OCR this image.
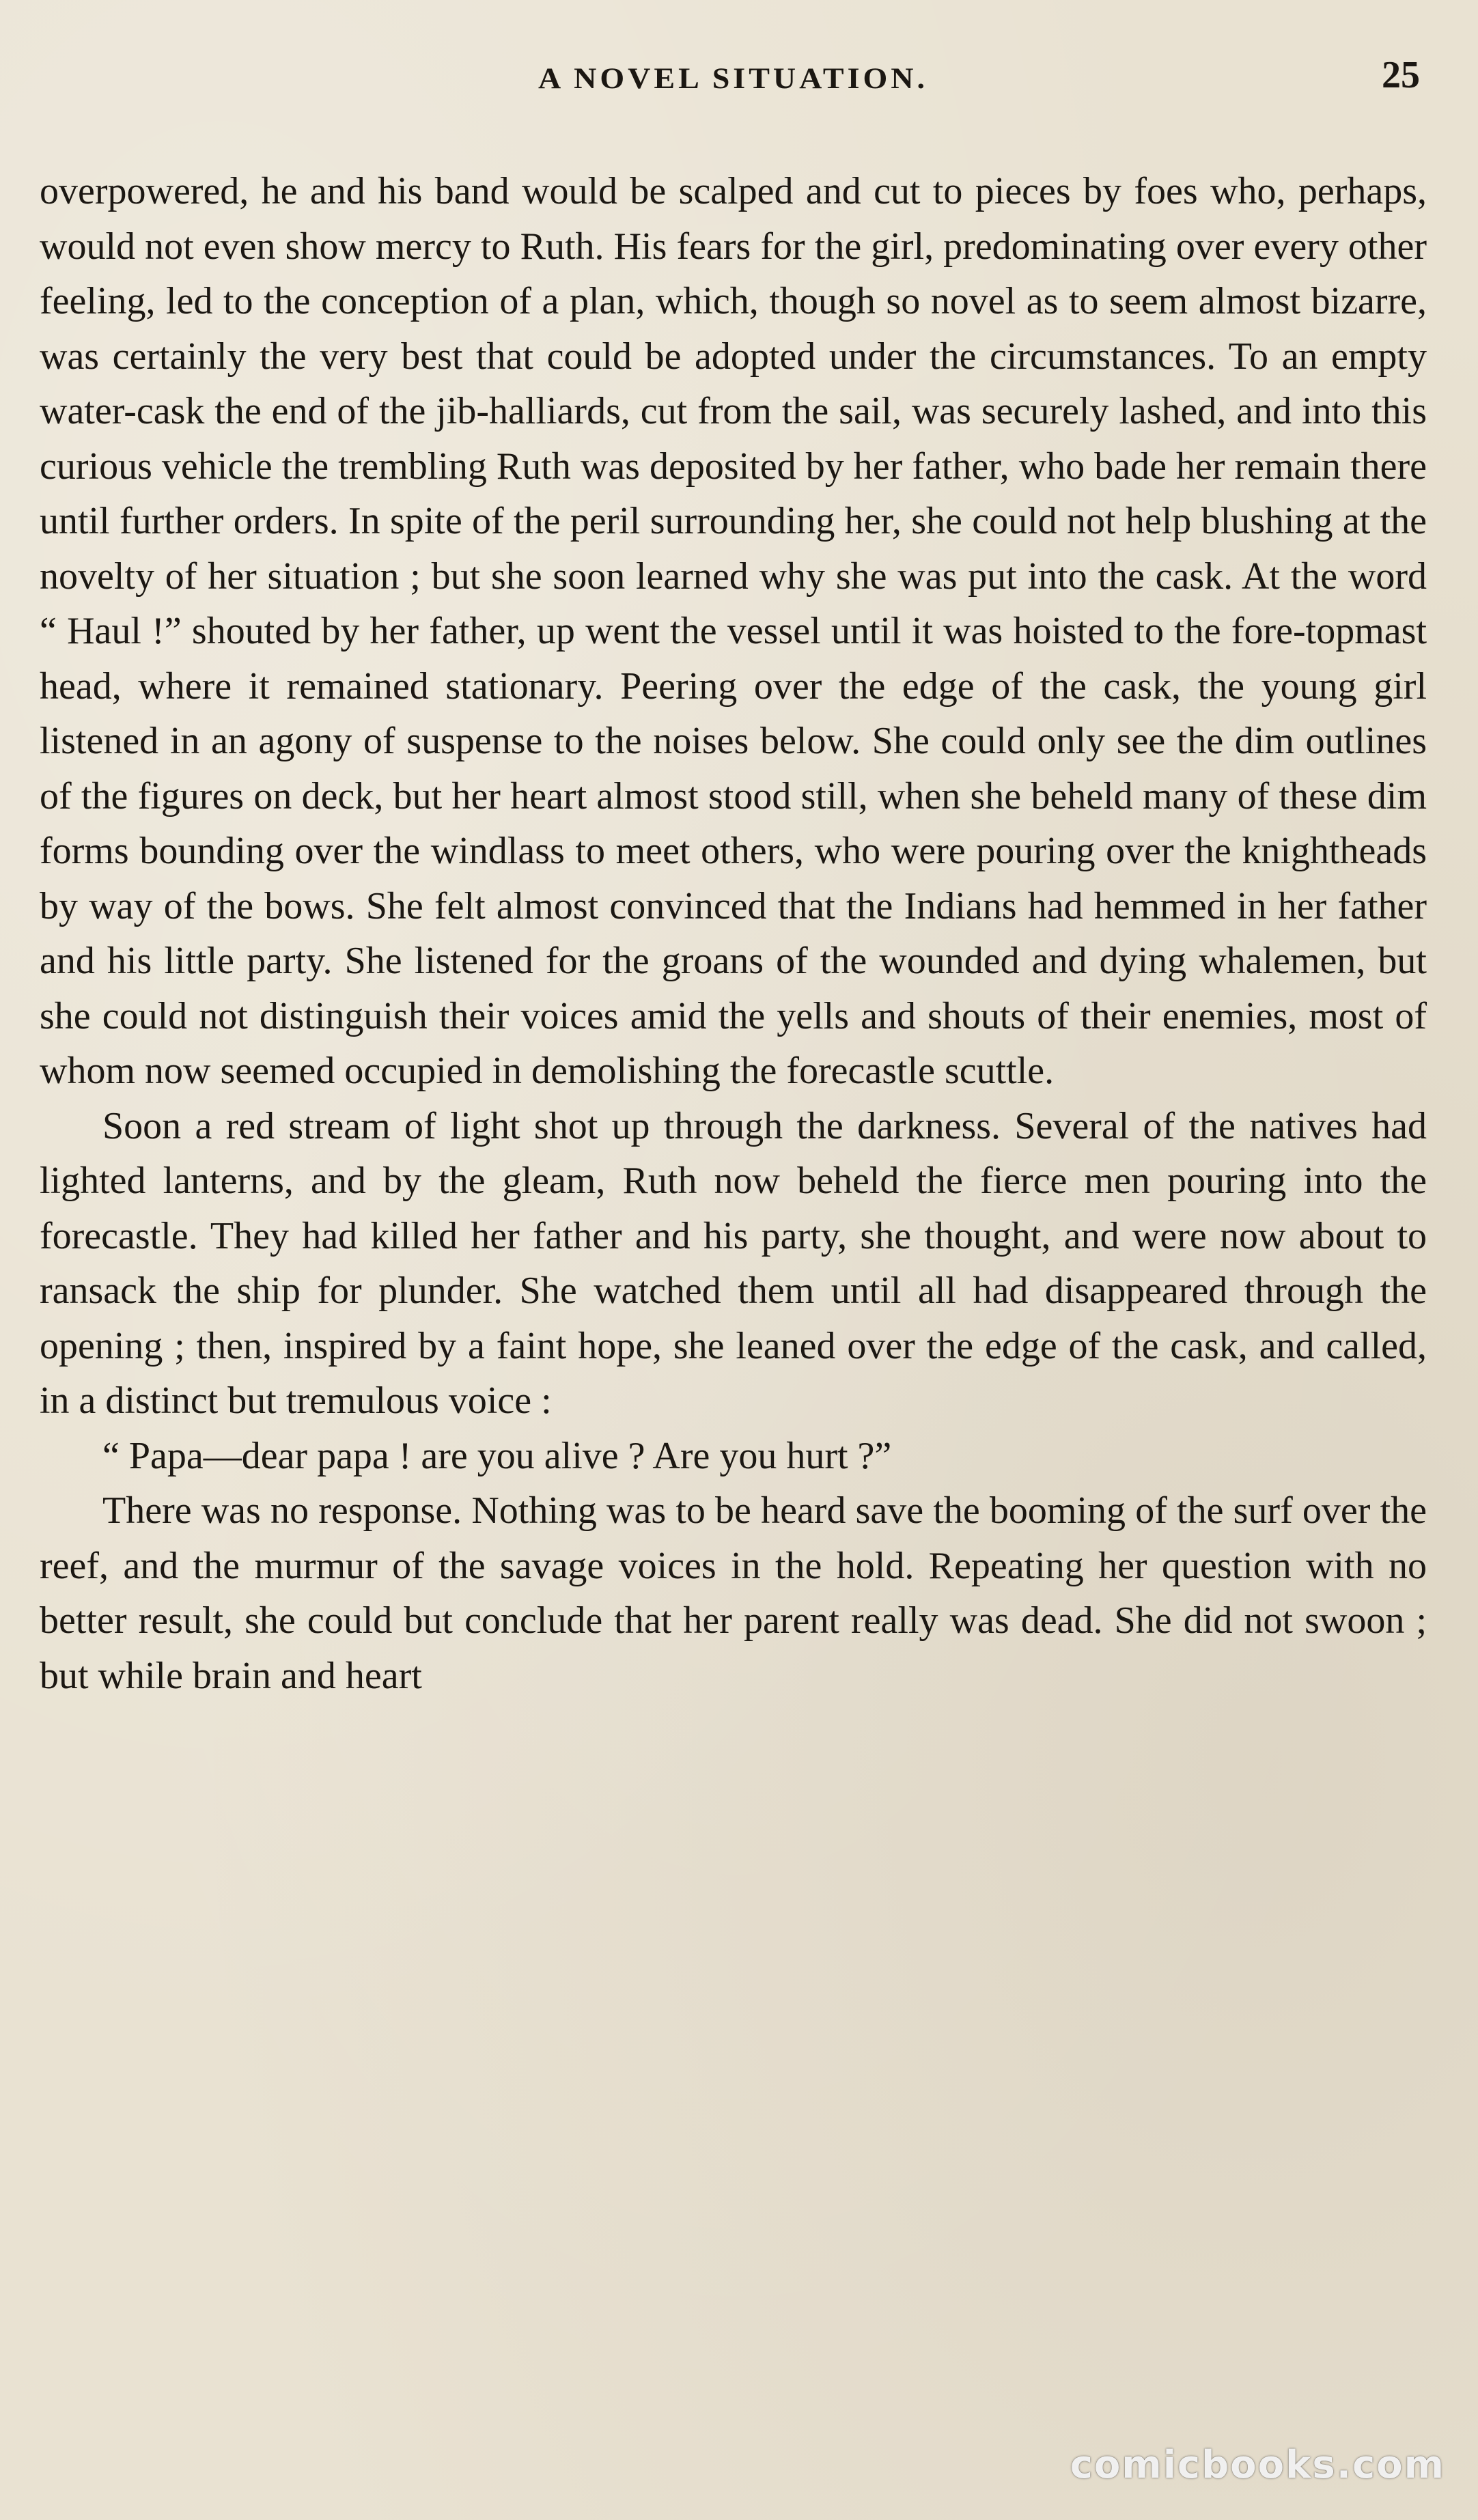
A NOVEL SITUATION.	25

overpowered, he and his band would be scalped and cut to pieces by foes who, perhaps, would not even show mercy to Ruth. His fears for the girl, predominating over every other feeling, led to the conception of a plan, which, though so novel as to seem almost bizarre, was certainly the very best that could be adopted under the circumstances. To an empty water-cask the end of the jib-halliards, cut from the sail, was securely lashed, and into this curious vehicle the trembling Ruth was deposited by her father, who bade her remain there until further orders. In spite of the peril surrounding her, she could not help blushing at the novelty of her situation ; but she soon learned why she was put into the cask. At the word “ Haul !” shouted by her father, up went the vessel until it was hoisted to the fore-topmast head, where it remained stationary. Peering over the edge of the cask, the young girl listened in an agony of suspense to the noises below. She could only see the dim outlines of the figures on deck, but her heart almost stood still, when she beheld many of these dim forms bounding over the windlass to meet others, who were pouring over the knightheads by way of the bows. She felt almost convinced that the Indians had hemmed in her father and his little party. She listened for the groans of the wounded and dying whalemen, but she could not distinguish their voices amid the yells and shouts of their enemies, most of whom now seemed occupied in demolishing the forecastle scuttle.

Soon a red stream of light shot up through the darkness. Several of the natives had lighted lanterns, and by the gleam, Ruth now beheld the fierce men pouring into the forecastle. They had killed her father and his party, she thought, and were now about to ransack the ship for plunder. She watched them until all had disappeared through the opening ; then, inspired by a faint hope, she leaned over the edge of the cask, and called, in a distinct but tremulous voice :

“ Papa—dear papa ! are you alive ? Are you hurt ?”

There was no response. Nothing was to be heard save the booming of the surf over the reef, and the murmur of the savage voices in the hold. Repeating her question with no better result, she could but conclude that her parent really was dead. She did not swoon ; but while brain and heart

comicbooks.com
